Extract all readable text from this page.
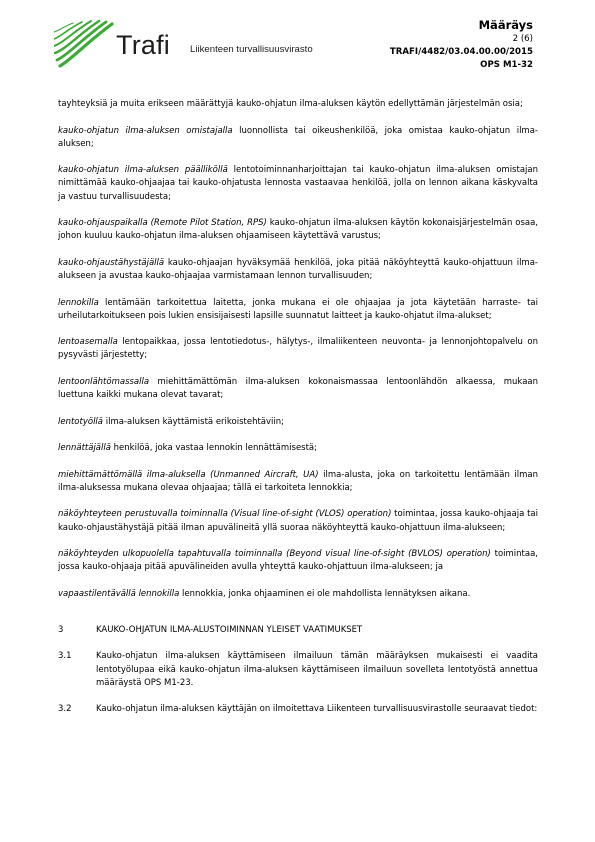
Trafi Liikenteen turvallisuusvirasto
Määräys
2 (6)
TRAFI/4482/03.04.00.00/2015
OPS M1-32

tayhteyksiä ja muita erikseen määrättyjä kauko-ohjatun ilma-aluksen käytön edellyttämän järjestelmän osia;

kauko-ohjatun ilma-aluksen omistajalla luonnollista tai oikeushenkilöä, joka omistaa kauko-ohjatun ilma-aluksen;

kauko-ohjatun ilma-aluksen päälliköllä lentotoiminnanharjoittajan tai kauko-ohjatun ilma-aluksen omistajan nimittämää kauko-ohjaajaa tai kauko-ohjatusta lennosta vastaavaa henkilöä, jolla on lennon aikana käskyvalta ja vastuu turvallisuudesta;

kauko-ohjauspaikalla (Remote Pilot Station, RPS) kauko-ohjatun ilma-aluksen käytön kokonaisjärjestelmän osaa, johon kuuluu kauko-ohjatun ilma-aluksen ohjaamiseen käytettävä varustus;

kauko-ohjaustähystäjällä kauko-ohjaajan hyväksymää henkilöä, joka pitää näköyhteyttä kauko-ohjattuun ilma-alukseen ja avustaa kauko-ohjaajaa varmistamaan lennon turvallisuuden;

lennokilla lentämään tarkoitettua laitetta, jonka mukana ei ole ohjaajaa ja jota käytetään harraste- tai urheilutarkoitukseen pois lukien ensisijaisesti lapsille suunnatut laitteet ja kauko-ohjatut ilma-alukset;

lentoasemalla lentopaikkaa, jossa lentotiedotus-, hälytys-, ilmaliikenteen neuvonta- ja lennonjohtopalvelu on pysyvästi järjestetty;

lentoonlähtömassalla miehittämättömän ilma-aluksen kokonaismassaa lentoonlähdön alkaessa, mukaan luettuna kaikki mukana olevat tavarat;

lentotyöllä ilma-aluksen käyttämistä erikoistehtäviin;

lennättäjällä henkilöä, joka vastaa lennokin lennättämisestä;

miehittämättömällä ilma-aluksella (Unmanned Aircraft, UA) ilma-alusta, joka on tarkoitettu lentämään ilman ilma-aluksessa mukana olevaa ohjaajaa; tällä ei tarkoiteta lennokkia;

näköyhteyteen perustuvalla toiminnalla (Visual line-of-sight (VLOS) operation) toimintaa, jossa kauko-ohjaaja tai kauko-ohjaustähystäjä pitää ilman apuvälineitä yllä suoraa näköyhteyttä kauko-ohjattuun ilma-alukseen;

näköyhteyden ulkopuolella tapahtuvalla toiminnalla (Beyond visual line-of-sight (BVLOS) operation) toimintaa, jossa kauko-ohjaaja pitää apuvälineiden avulla yhteyttä kauko-ohjattuun ilma-alukseen; ja

vapaastilentävällä lennokilla lennokkia, jonka ohjaaminen ei ole mahdollista lennätyksen aikana.

3	KAUKO-OHJATUN ILMA-ALUSTOIMINNAN YLEISET VAATIMUKSET
3.1	Kauko-ohjatun ilma-aluksen käyttämiseen ilmailuun tämän määräyksen mukaisesti ei vaadita lentotyölupaa eikä kauko-ohjatun ilma-aluksen käyttämiseen ilmailuun sovelleta lentotyöstä annettua määräystä OPS M1-23.
3.2	Kauko-ohjatun ilma-aluksen käyttäjän on ilmoitettava Liikenteen turvallisuusvirastolle seuraavat tiedot:
